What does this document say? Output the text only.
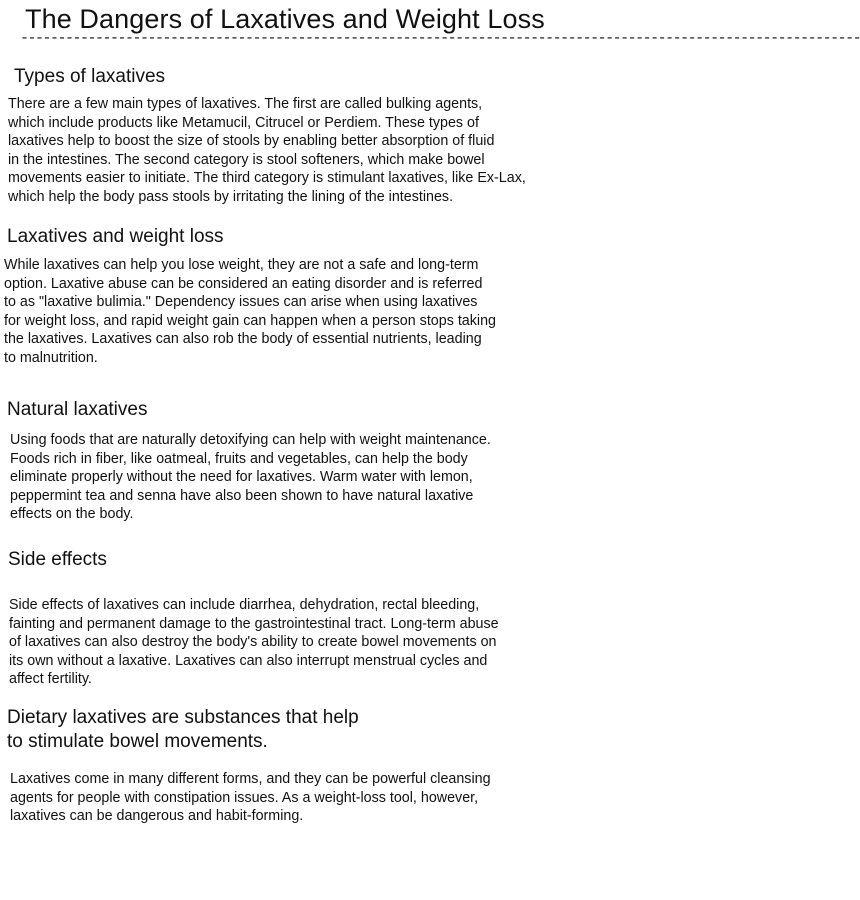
The Dangers of Laxatives and Weight Loss
----------------------------------------------------------------------------------------------------------------
Types of laxatives

There are a few main types of laxatives. The first are called bulking agents,
which include products like Metamucil, Citrucel or Perdiem. These types of
laxatives help to boost the size of stools by enabling better absorption of fluid
in the intestines. The second category is stool softeners, which make bowel
movements easier to initiate. The third category is stimulant laxatives, like Ex-Lax,
which help the body pass stools by irritating the lining of the intestines.

Laxatives and weight loss

While laxatives can help you lose weight, they are not a safe and long-term
option. Laxative abuse can be considered an eating disorder and is referred
to as "laxative bulimia." Dependency issues can arise when using laxatives
for weight loss, and rapid weight gain can happen when a person stops taking
the laxatives. Laxatives can also rob the body of essential nutrients, leading
to malnutrition.

Natural laxatives

Using foods that are naturally detoxifying can help with weight maintenance.
Foods rich in fiber, like oatmeal, fruits and vegetables, can help the body
eliminate properly without the need for laxatives. Warm water with lemon,
peppermint tea and senna have also been shown to have natural laxative
effects on the body.

Side effects

Side effects of laxatives can include diarrhea, dehydration, rectal bleeding,
fainting and permanent damage to the gastrointestinal tract. Long-term abuse
of laxatives can also destroy the body's ability to create bowel movements on
its own without a laxative. Laxatives can also interrupt menstrual cycles and
affect fertility.

Dietary laxatives are substances that help
to stimulate bowel movements.

Laxatives come in many different forms, and they can be powerful cleansing
agents for people with constipation issues. As a weight-loss tool, however,
laxatives can be dangerous and habit-forming.
